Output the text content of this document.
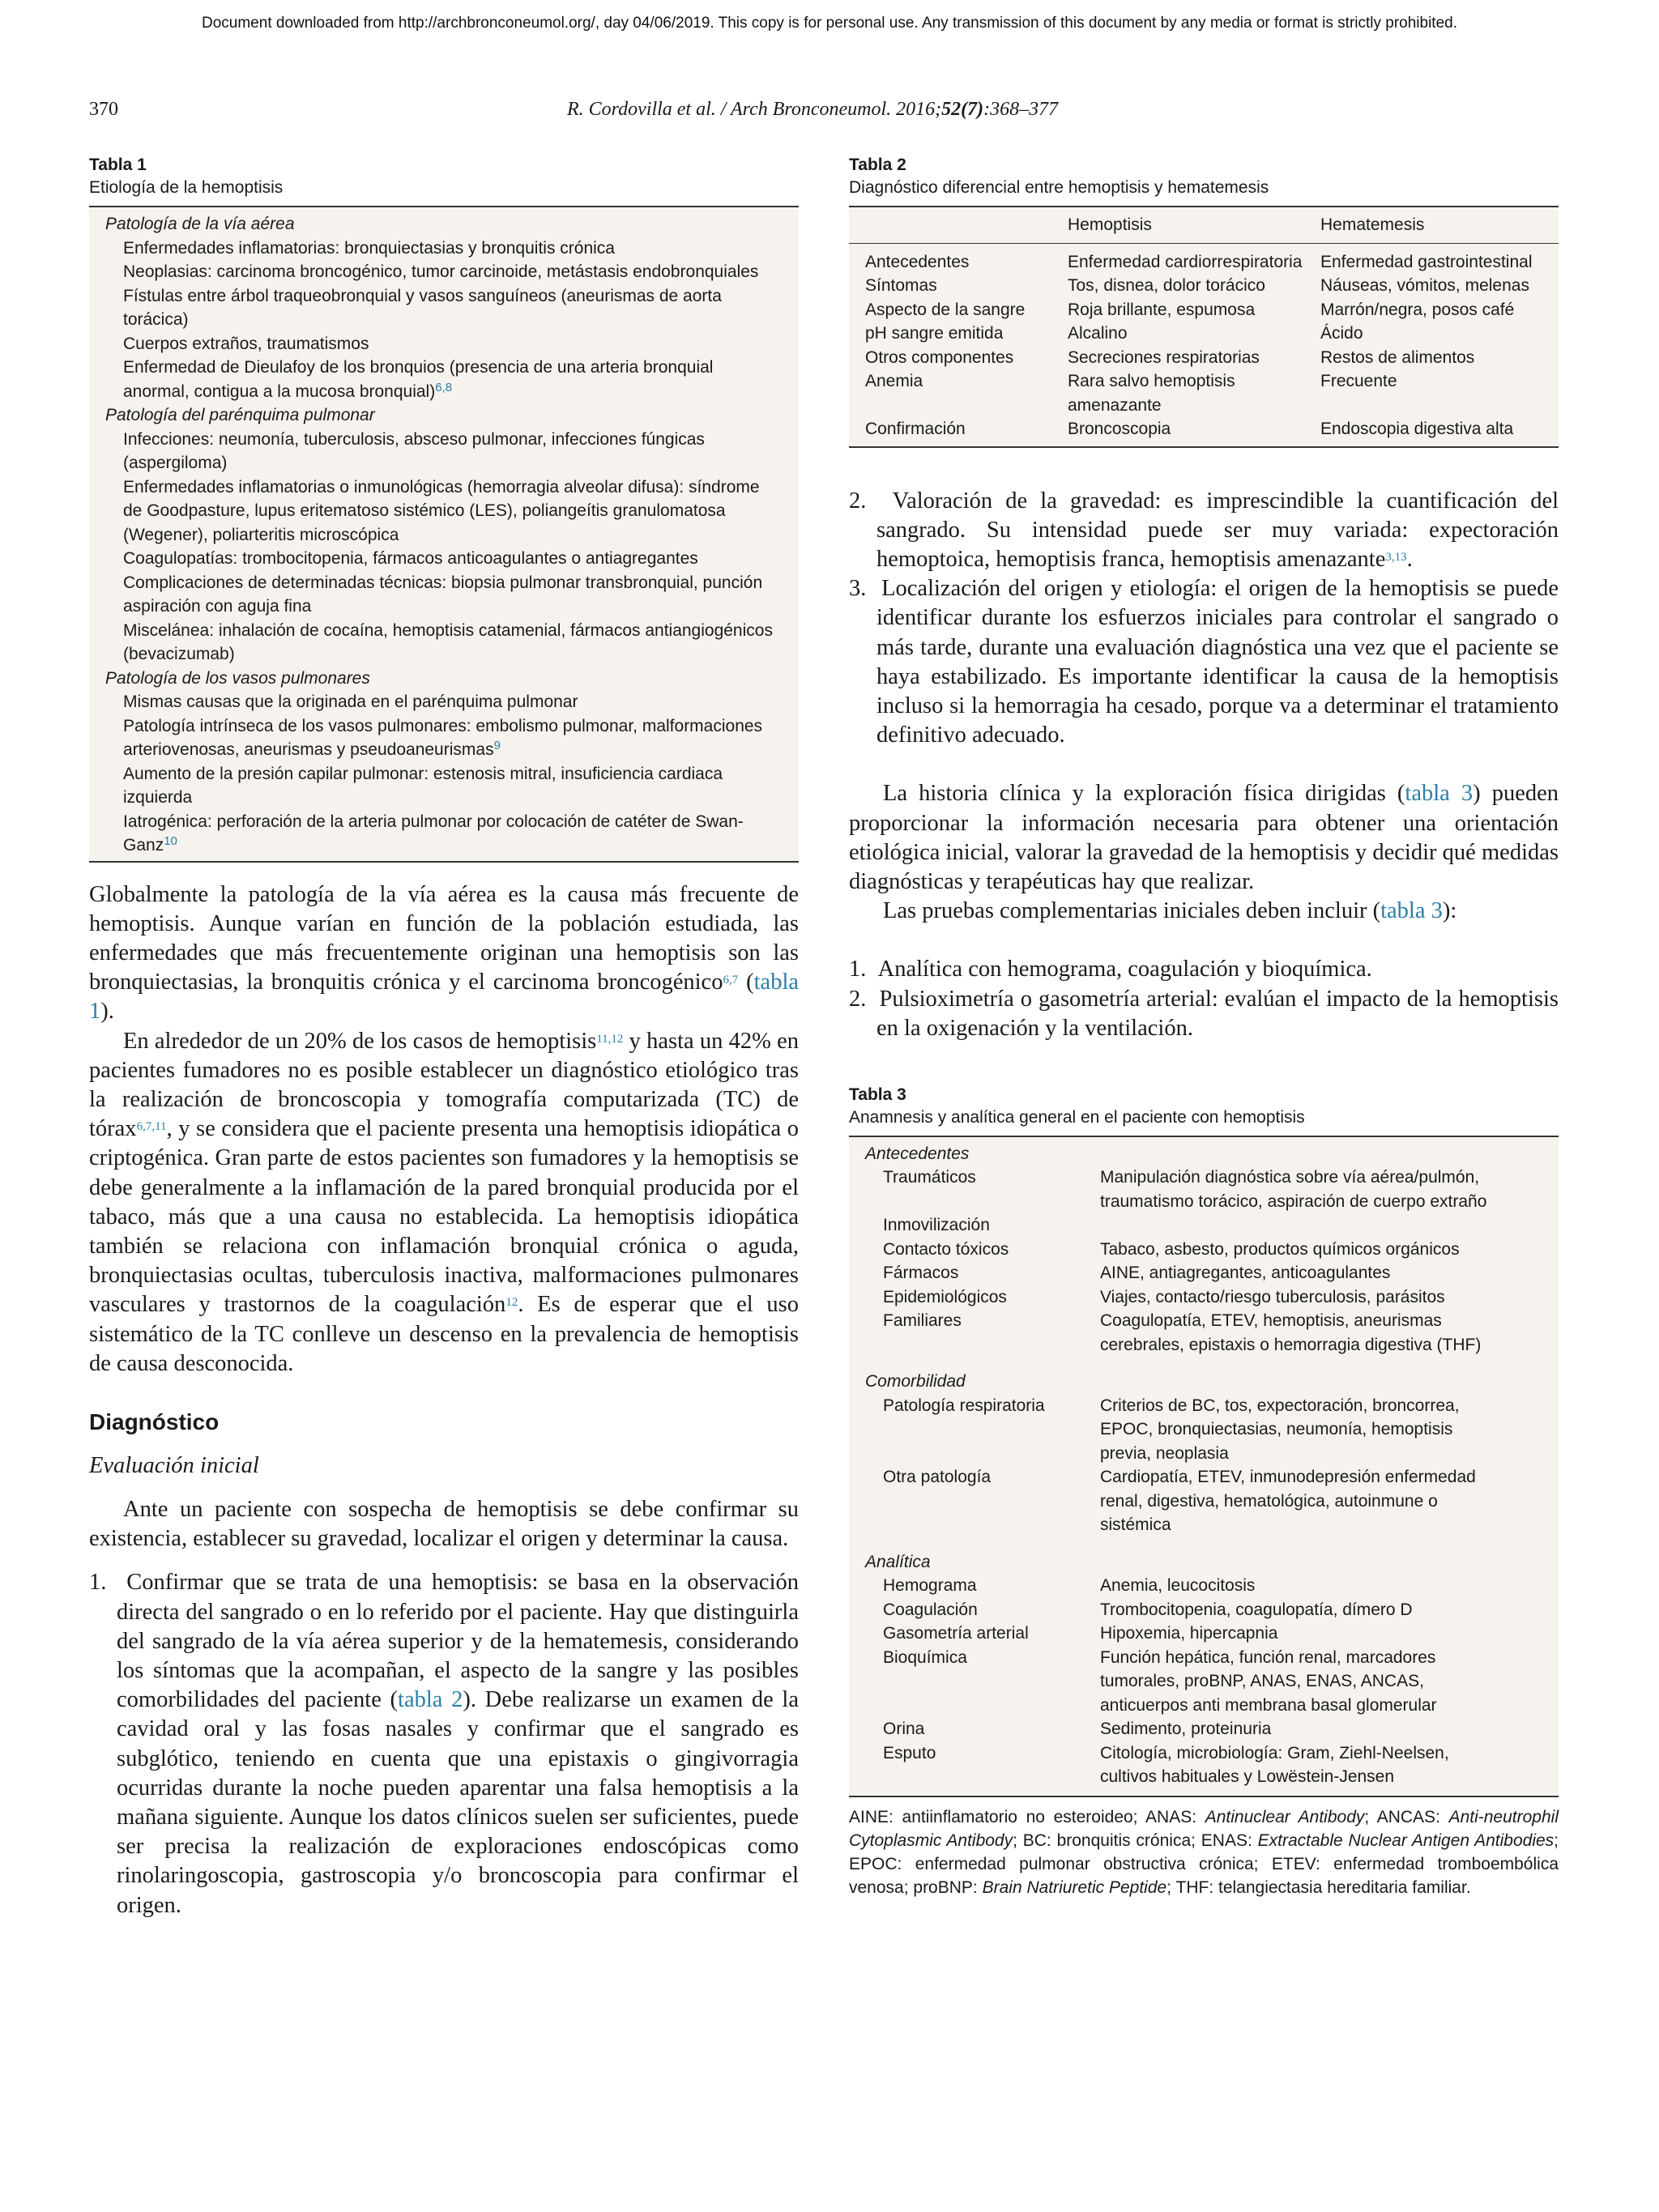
Document downloaded from http://archbronconeumol.org/, day 04/06/2019. This copy is for personal use. Any transmission of this document by any media or format is strictly prohibited.
370	R. Cordovilla et al. / Arch Bronconeumol. 2016;52(7):368–377
Tabla 1
Etiología de la hemoptisis
Patología de la vía aérea
Enfermedades inflamatorias: bronquiectasias y bronquitis crónica
Neoplasias: carcinoma broncogénico, tumor carcinoide, metástasis endobronquiales
Fístulas entre árbol traqueobronquial y vasos sanguíneos (aneurismas de aorta torácica)
Cuerpos extraños, traumatismos
Enfermedad de Dieulafoy de los bronquios (presencia de una arteria bronquial anormal, contigua a la mucosa bronquial)$^{6,8}$
Patología del parénquima pulmonar
Infecciones: neumonía, tuberculosis, absceso pulmonar, infecciones fúngicas (aspergiloma)
Enfermedades inflamatorias o inmunológicas (hemorragia alveolar difusa): síndrome de Goodpasture, lupus eritematoso sistémico (LES), poliangeítis granulomatosa (Wegener), poliarteritis microscópica
Coagulopatías: trombocitopenia, fármacos anticoagulantes o antiagregantes
Complicaciones de determinadas técnicas: biopsia pulmonar transbronquial, punción aspiración con aguja fina
Miscelánea: inhalación de cocaína, hemoptisis catamenial, fármacos antiangiogénicos (bevacizumab)
Patología de los vasos pulmonares
Mismas causas que la originada en el parénquima pulmonar
Patología intrínseca de los vasos pulmonares: embolismo pulmonar, malformaciones arteriovenosas, aneurismas y pseudoaneurismas$^9$
Aumento de la presión capilar pulmonar: estenosis mitral, insuficiencia cardiaca izquierda
Iatrogénica: perforación de la arteria pulmonar por colocación de catéter de Swan-Ganz$^{10}$

Globalmente la patología de la vía aérea es la causa más frecuente de hemoptisis. Aunque varían en función de la población estudiada, las enfermedades que más frecuentemente originan una hemoptisis son las bronquiectasias, la bronquitis crónica y el carcinoma broncogénico$^{6,7}$ (tabla 1).

En alrededor de un 20% de los casos de hemoptisis$^{11,12}$ y hasta un 42% en pacientes fumadores no es posible establecer un diagnóstico etiológico tras la realización de broncoscopia y tomografía computarizada (TC) de tórax$^{6,7,11}$, y se considera que el paciente presenta una hemoptisis idiopática o criptogénica. Gran parte de estos pacientes son fumadores y la hemoptisis se debe generalmente a la inflamación de la pared bronquial producida por el tabaco, más que a una causa no establecida. La hemoptisis idiopática también se relaciona con inflamación bronquial crónica o aguda, bronquiectasias ocultas, tuberculosis inactiva, malformaciones pulmonares vasculares y trastornos de la coagulación$^{12}$. Es de esperar que el uso sistemático de la TC conlleve un descenso en la prevalencia de hemoptisis de causa desconocida.

Diagnóstico
Evaluación inicial

Ante un paciente con sospecha de hemoptisis se debe confirmar su existencia, establecer su gravedad, localizar el origen y determinar la causa.

1.  Confirmar que se trata de una hemoptisis: se basa en la observación directa del sangrado o en lo referido por el paciente. Hay que distinguirla del sangrado de la vía aérea superior y de la hematemesis, considerando los síntomas que la acompañan, el aspecto de la sangre y las posibles comorbilidades del paciente (tabla 2). Debe realizarse un examen de la cavidad oral y las fosas nasales y confirmar que el sangrado es subglótico, teniendo en cuenta que una epistaxis o gingivorragia ocurridas durante la noche pueden aparentar una falsa hemoptisis a la mañana siguiente. Aunque los datos clínicos suelen ser suficientes, puede ser precisa la realización de exploraciones endoscópicas como rinolaringoscopia, gastroscopia y/o broncoscopia para confirmar el origen.
Tabla 2
Diagnóstico diferencial entre hemoptisis y hematemesis
	Hemoptisis	Hematemesis
Antecedentes	Enfermedad cardiorrespiratoria	Enfermedad gastrointestinal
Síntomas	Tos, disnea, dolor torácico	Náuseas, vómitos, melenas
Aspecto de la sangre	Roja brillante, espumosa	Marrón/negra, posos café
pH sangre emitida	Alcalino	Ácido
Otros componentes	Secreciones respiratorias	Restos de alimentos
Anemia	Rara salvo hemoptisis amenazante	Frecuente
Confirmación	Broncoscopia	Endoscopia digestiva alta
2.  Valoración de la gravedad: es imprescindible la cuantificación del sangrado. Su intensidad puede ser muy variada: expectoración hemoptoica, hemoptisis franca, hemoptisis amenazante$^{3,13}$.
3.  Localización del origen y etiología: el origen de la hemoptisis se puede identificar durante los esfuerzos iniciales para controlar el sangrado o más tarde, durante una evaluación diagnóstica una vez que el paciente se haya estabilizado. Es importante identificar la causa de la hemoptisis incluso si la hemorragia ha cesado, porque va a determinar el tratamiento definitivo adecuado.

La historia clínica y la exploración física dirigidas (tabla 3) pueden proporcionar la información necesaria para obtener una orientación etiológica inicial, valorar la gravedad de la hemoptisis y decidir qué medidas diagnósticas y terapéuticas hay que realizar.

Las pruebas complementarias iniciales deben incluir (tabla 3):

1.  Analítica con hemograma, coagulación y bioquímica.
2.  Pulsioximetría o gasometría arterial: evalúan el impacto de la hemoptisis en la oxigenación y la ventilación.
Tabla 3
Anamnesis y analítica general en el paciente con hemoptisis
Antecedentes
Traumáticos	Manipulación diagnóstica sobre vía aérea/pulmón, traumatismo torácico, aspiración de cuerpo extraño
Inmovilización
Contacto tóxicos	Tabaco, asbesto, productos químicos orgánicos
Fármacos	AINE, antiagregantes, anticoagulantes
Epidemiológicos	Viajes, contacto/riesgo tuberculosis, parásitos
Familiares	Coagulopatía, ETEV, hemoptisis, aneurismas cerebrales, epistaxis o hemorragia digestiva (THF)
Comorbilidad
Patología respiratoria	Criterios de BC, tos, expectoración, broncorrea, EPOC, bronquiectasias, neumonía, hemoptisis previa, neoplasia
Otra patología	Cardiopatía, ETEV, inmunodepresión enfermedad renal, digestiva, hematológica, autoinmune o sistémica
Analítica
Hemograma	Anemia, leucocitosis
Coagulación	Trombocitopenia, coagulopatía, dímero D
Gasometría arterial	Hipoxemia, hipercapnia
Bioquímica	Función hepática, función renal, marcadores tumorales, proBNP, ANAS, ENAS, ANCAS, anticuerpos anti membrana basal glomerular
Orina	Sedimento, proteinuria
Esputo	Citología, microbiología: Gram, Ziehl-Neelsen, cultivos habituales y Lowëstein-Jensen
AINE: antiinflamatorio no esteroideo; ANAS: Antinuclear Antibody; ANCAS: Anti-neutrophil Cytoplasmic Antibody; BC: bronquitis crónica; ENAS: Extractable Nuclear Antigen Antibodies; EPOC: enfermedad pulmonar obstructiva crónica; ETEV: enfermedad tromboembólica venosa; proBNP: Brain Natriuretic Peptide; THF: telangiectasia hereditaria familiar.
